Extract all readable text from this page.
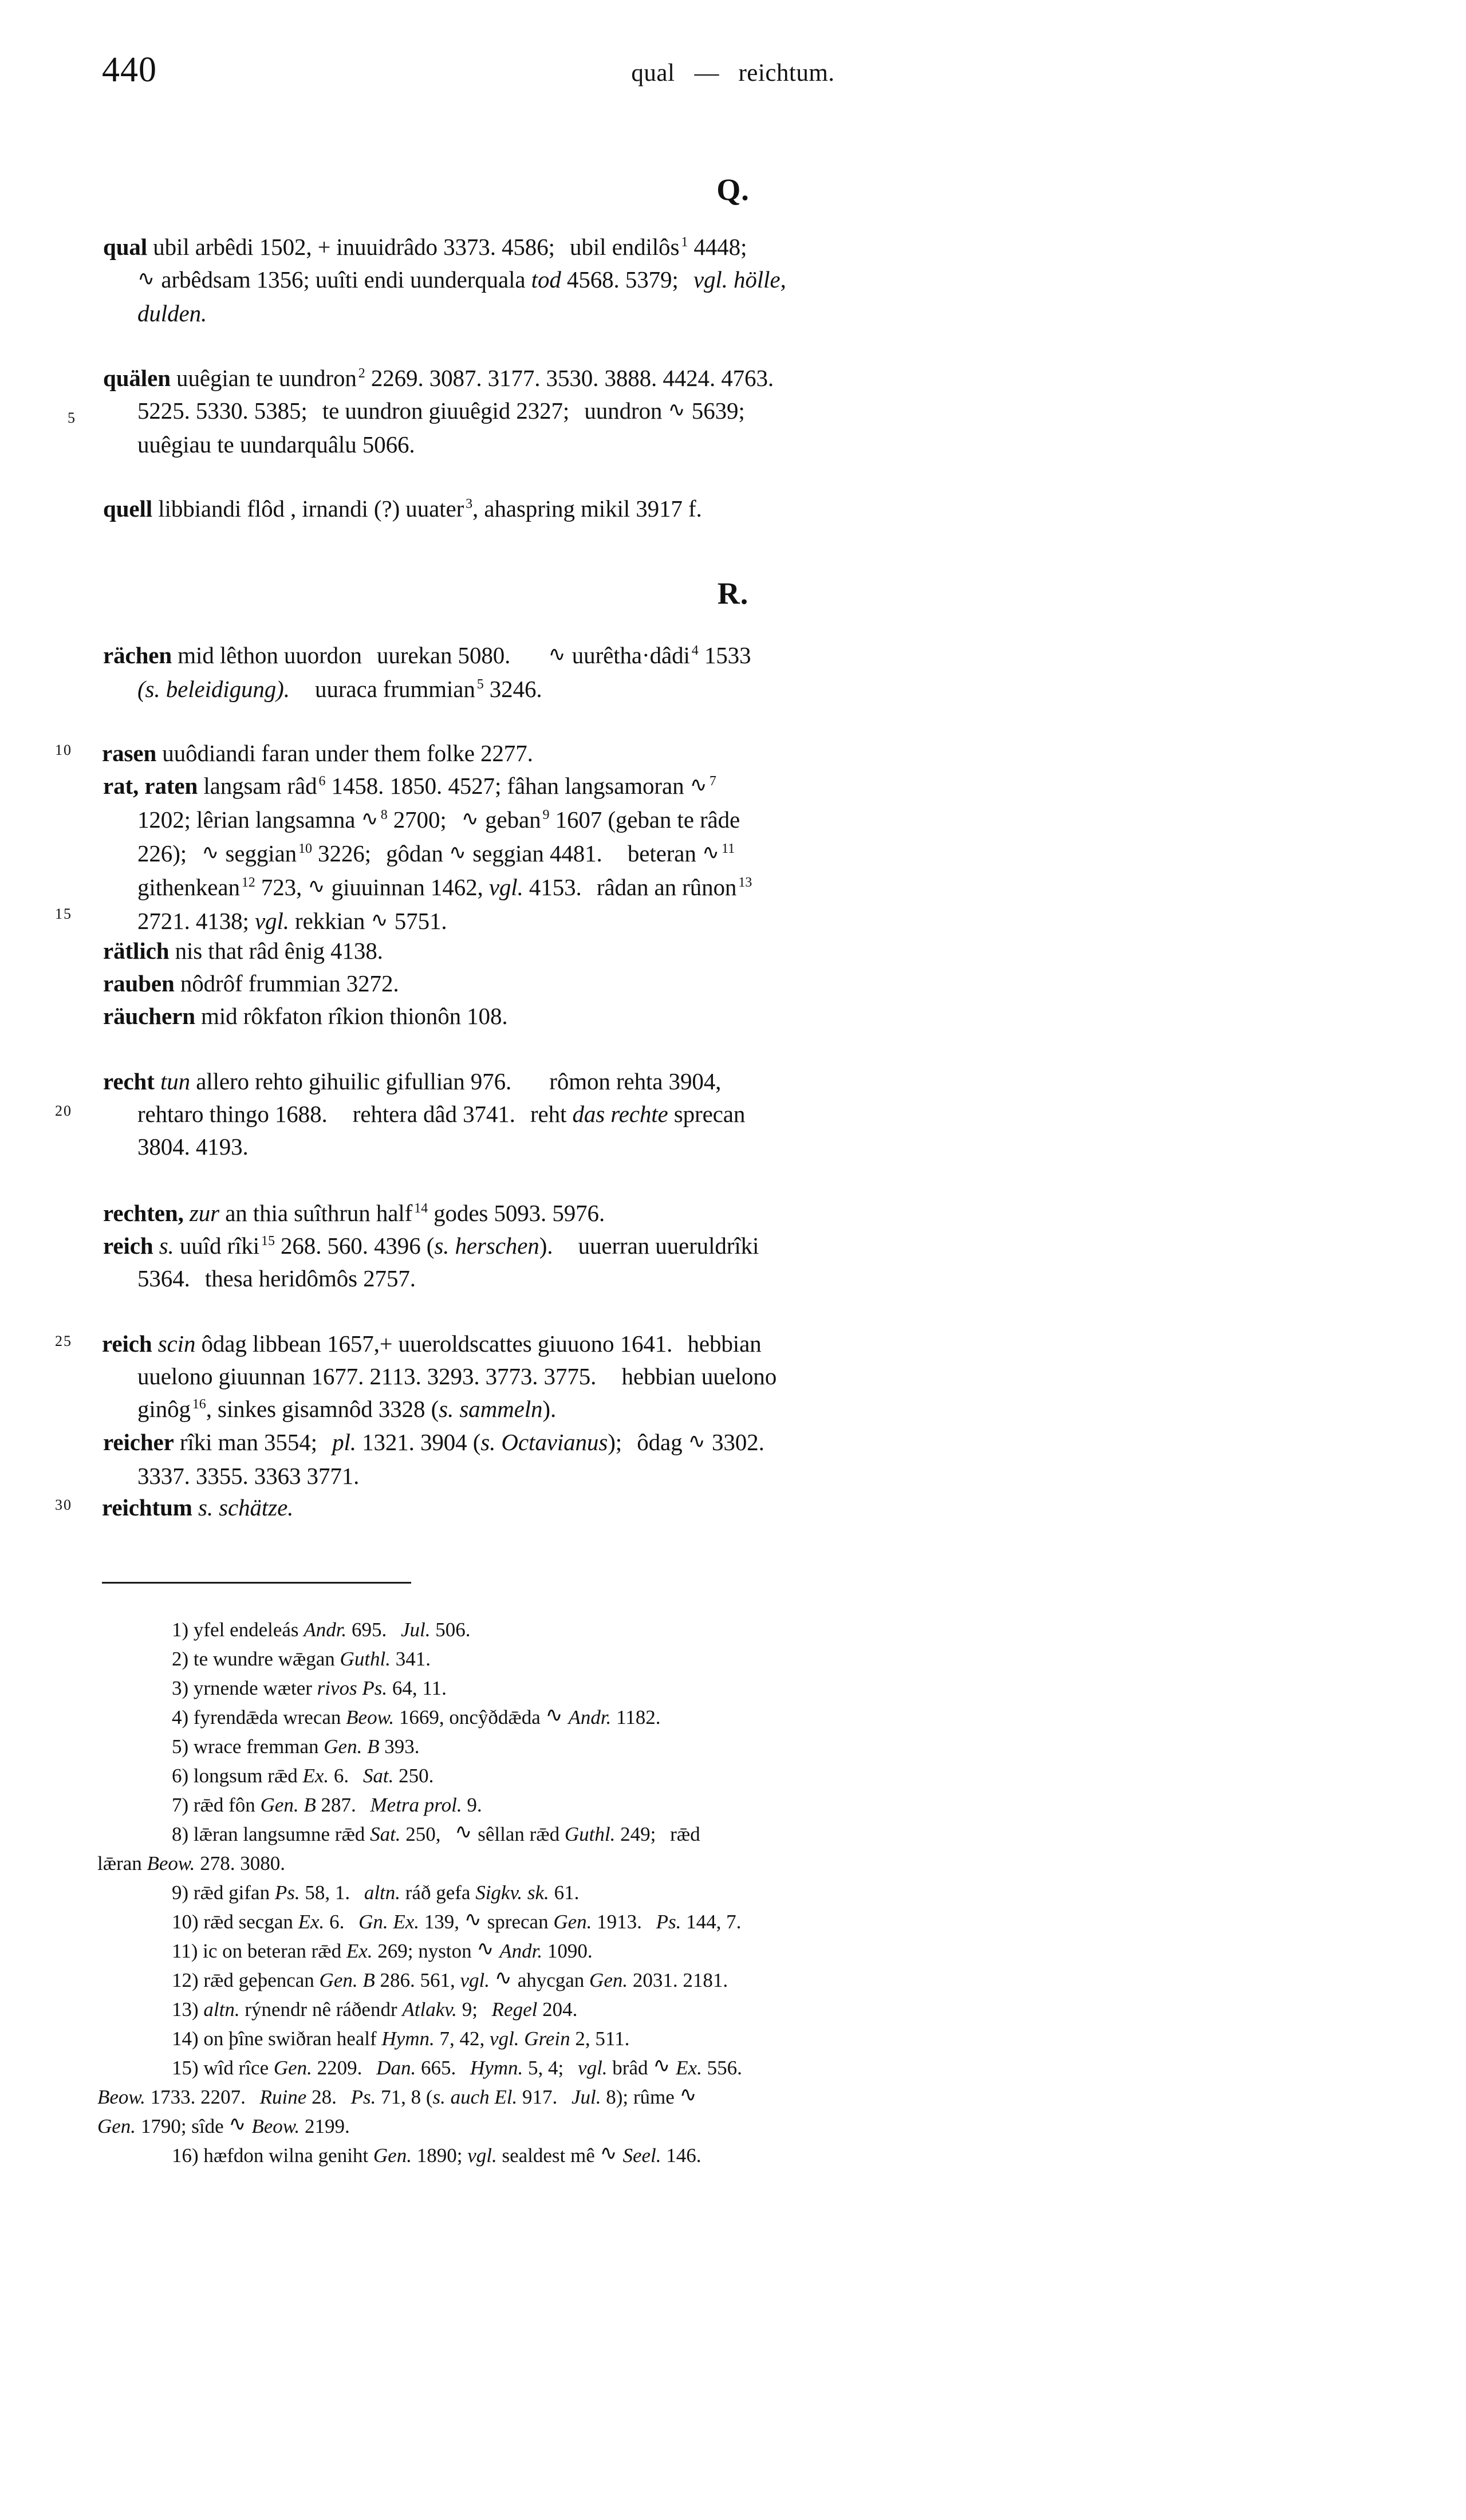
440	qual — reichtum.
Q.
qual ubil arbêdi 1502, + inuuidrâdo 3373. 4586; ubil endilôs $^1$ 4448;
∿ arbêdsam 1356; uuîti endi uunderquala tod 4568. 5379; vgl. hölle,
dulden.
quälen uuêgian te uundron $^2$ 2269. 3087. 3177. 3530. 3888. 4424. 4763.
5225. 5330. 5385; te uundron giuuêgid 2327; uundron ∿ 5639;
uuêgiau te uundarquâlu 5066.
quell libbiandi flôd , irnandi (?) uuater $^3$, ahaspring mikil 3917 f.
R.
rächen mid lêthon uuordon uurekan 5080. ∿ uurêtha·dâdi $^4$ 1533
(s. beleidigung). uuraca frummian $^5$ 3246.
rasen uuôdiandi faran under them folke 2277.
rat, raten langsam râd $^6$ 1458. 1850. 4527; fâhan langsamoran ∿ $^7$
1202; lêrian langsamna ∿ $^8$ 2700; ∿ geban $^9$ 1607 (geban te râde
226); ∿ seggian $^{10}$ 3226; gôdan ∿ seggian 4481. beteran ∿ $^{11}$
githenkean $^{12}$ 723, ∿ giuuinnan 1462, vgl. 4153. râdan an rûnon $^{13}$
2721. 4138; vgl. rekkian ∿ 5751.
rätlich nis that râd ênig 4138.
rauben nôdrôf frummian 3272.
räuchern mid rôkfaton rîkion thionôn 108.
recht tun allero rehto gihuilic gifullian 976. rômon rehta 3904,
rehtaro thingo 1688. rehtera dâd 3741. reht das rechte sprecan
3804. 4193.
rechten, zur an thia suîthrun half $^{14}$ godes 5093. 5976.
reich s. uuîd rîki $^{15}$ 268. 560. 4396 (s. herschen). uuerran uueruldrîki
5364. thesa heridômôs 2757.
reich scin ôdag libbean 1657,+ uueroldscattes giuuono 1641. hebbian
uuelono giuunnan 1677. 2113. 3293. 3773. 3775. hebbian uuelono
ginôg $^{16}$, sinkes gisamnôd 3328 (s. sammeln).
reicher rîki man 3554; pl. 1321. 3904 (s. Octavianus); ôdag ∿ 3302.
3337. 3355. 3363 3771.
reichtum s. schätze.
5
10
15
20
25
30
1) yfel endeleás Andr. 695. Jul. 506.
2) te wundre wǣgan Guthl. 341.
3) yrnende wæter rivos Ps. 64, 11.
4) fyrendǣda wrecan Beow. 1669, oncŷðdǣda ∿ Andr. 1182.
5) wrace fremman Gen. B 393.
6) longsum rǣd Ex. 6. Sat. 250.
7) rǣd fôn Gen. B 287. Metra prol. 9.
8) lǣran langsumne rǣd Sat. 250, ∿ sêllan rǣd Guthl. 249; rǣd
lǣran Beow. 278. 3080.
9) rǣd gifan Ps. 58, 1. altn. ráð gefa Sigkv. sk. 61.
10) rǣd secgan Ex. 6. Gn. Ex. 139, ∿ sprecan Gen. 1913. Ps. 144, 7.
11) ic on beteran rǣd Ex. 269; nyston ∿ Andr. 1090.
12) rǣd geþencan Gen. B 286. 561, vgl. ∿ ahycgan Gen. 2031. 2181.
13) altn. rýnendr nê ráðendr Atlakv. 9; Regel 204.
14) on þîne swiðran healf Hymn. 7, 42, vgl. Grein 2, 511.
15) wîd rîce Gen. 2209. Dan. 665. Hymn. 5, 4; vgl. brâd ∿ Ex. 556.
Beow. 1733. 2207. Ruine 28. Ps. 71, 8 (s. auch El. 917. Jul. 8); rûme ∿
Gen. 1790; sîde ∿ Beow. 2199.
16) hæfdon wilna geniht Gen. 1890; vgl. sealdest mê ∿ Seel. 146.
